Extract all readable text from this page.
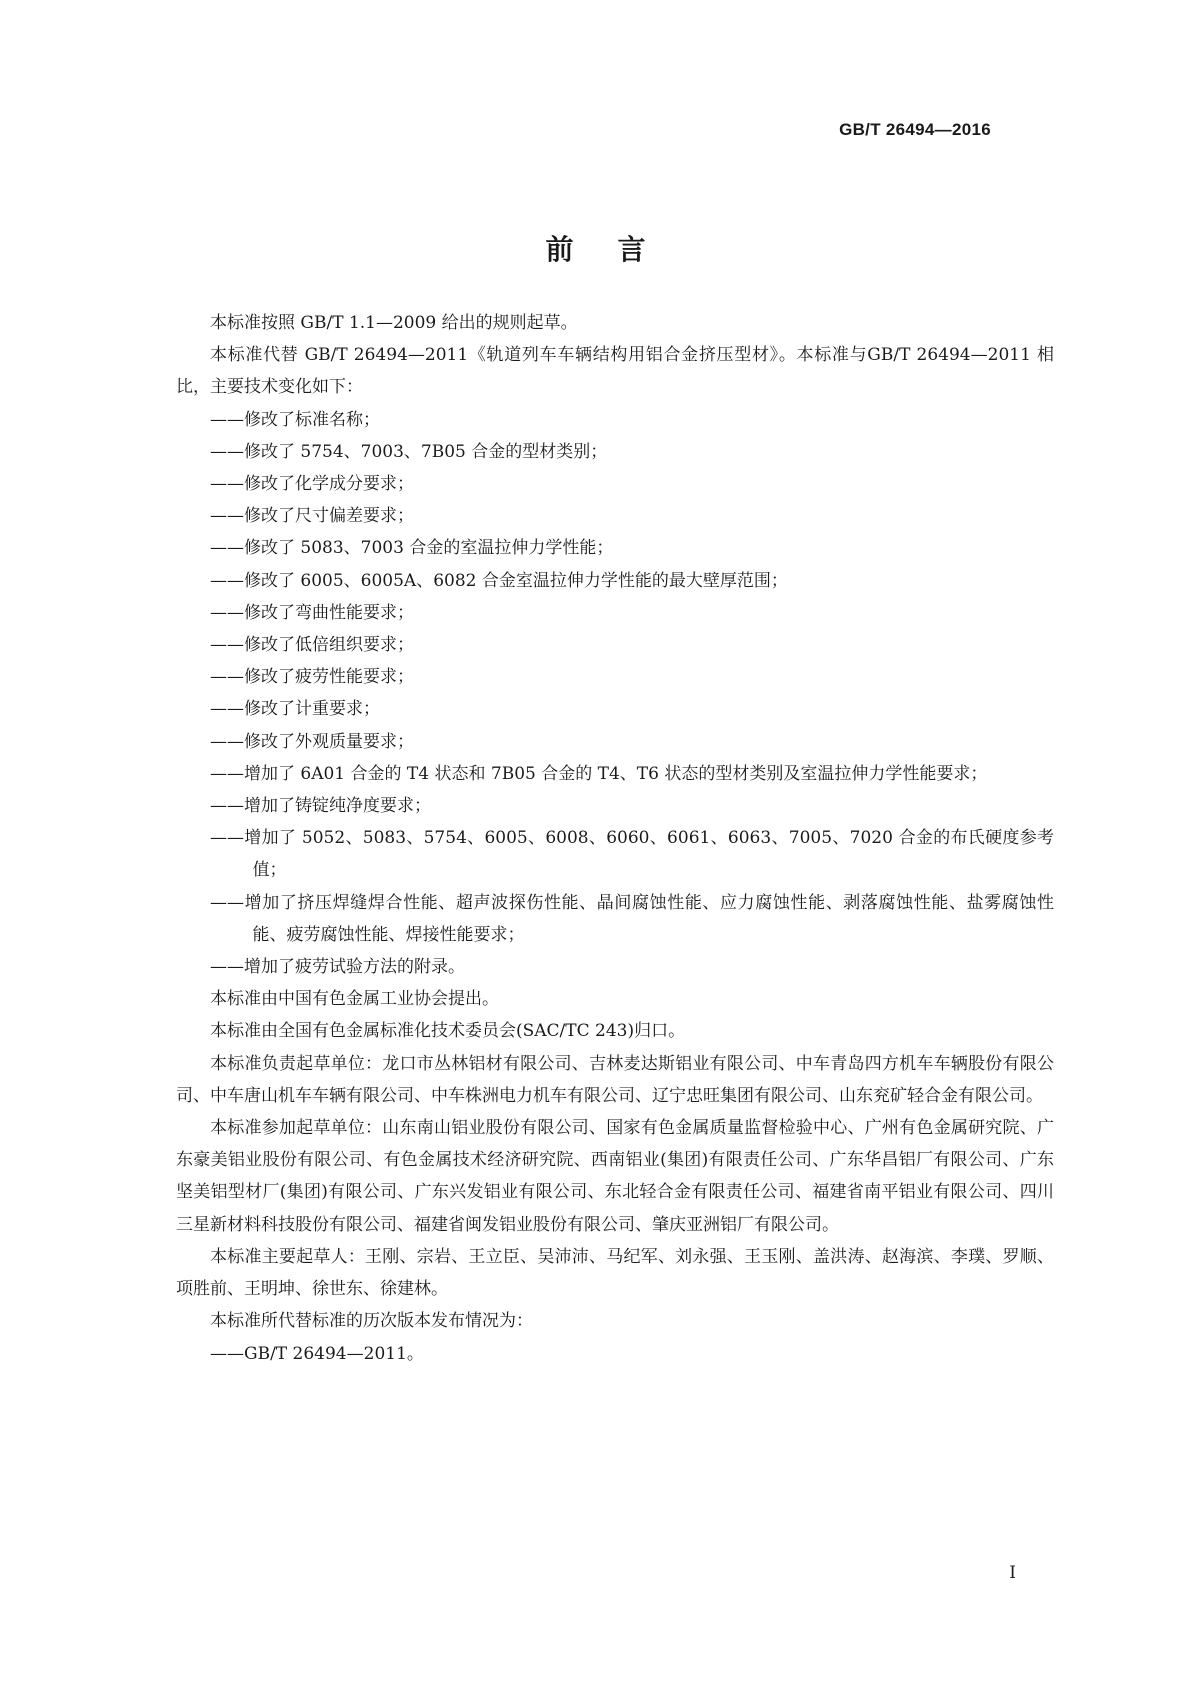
GB/T 26494—2016
前言

本标准按照 GB/T 1.1—2009 给出的规则起草。

本标准代替 GB/T 26494—2011《轨道列车车辆结构用铝合金挤压型材》。本标准与GB/T 26494—2011 相比，主要技术变化如下：

——修改了标准名称；

——修改了 5754、7003、7B05 合金的型材类别；

——修改了化学成分要求；

——修改了尺寸偏差要求；

——修改了 5083、7003 合金的室温拉伸力学性能；

——修改了 6005、6005A、6082 合金室温拉伸力学性能的最大壁厚范围；

——修改了弯曲性能要求；

——修改了低倍组织要求；

——修改了疲劳性能要求；

——修改了计重要求；

——修改了外观质量要求；

——增加了 6A01 合金的 T4 状态和 7B05 合金的 T4、T6 状态的型材类别及室温拉伸力学性能要求；

——增加了铸锭纯净度要求；

——增加了 5052、5083、5754、6005、6008、6060、6061、6063、7005、7020 合金的布氏硬度参考值；

——增加了挤压焊缝焊合性能、超声波探伤性能、晶间腐蚀性能、应力腐蚀性能、剥落腐蚀性能、盐雾腐蚀性能、疲劳腐蚀性能、焊接性能要求；

——增加了疲劳试验方法的附录。

本标准由中国有色金属工业协会提出。

本标准由全国有色金属标准化技术委员会(SAC/TC 243)归口。

本标准负责起草单位：龙口市丛林铝材有限公司、吉林麦达斯铝业有限公司、中车青岛四方机车车辆股份有限公司、中车唐山机车车辆有限公司、中车株洲电力机车有限公司、辽宁忠旺集团有限公司、山东兖矿轻合金有限公司。

本标准参加起草单位：山东南山铝业股份有限公司、国家有色金属质量监督检验中心、广州有色金属研究院、广东豪美铝业股份有限公司、有色金属技术经济研究院、西南铝业(集团)有限责任公司、广东华昌铝厂有限公司、广东坚美铝型材厂(集团)有限公司、广东兴发铝业有限公司、东北轻合金有限责任公司、福建省南平铝业有限公司、四川三星新材料科技股份有限公司、福建省闽发铝业股份有限公司、肇庆亚洲铝厂有限公司。

本标准主要起草人：王刚、宗岩、王立臣、吴沛沛、马纪军、刘永强、王玉刚、盖洪涛、赵海滨、李璞、罗顺、项胜前、王明坤、徐世东、徐建林。

本标准所代替标准的历次版本发布情况为：

——GB/T 26494—2011。

I
